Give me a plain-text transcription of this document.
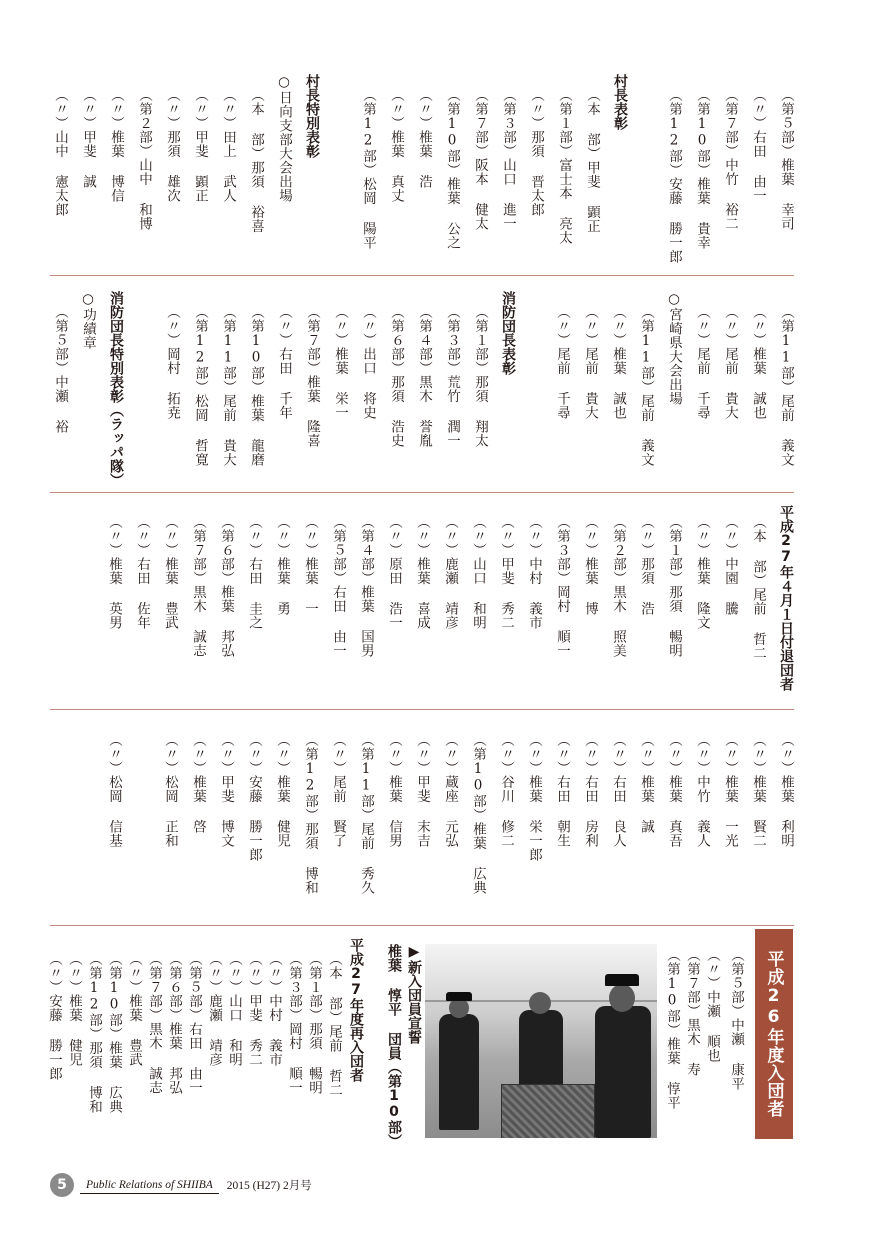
（第５部）椎葉 幸司
（〃）右田 由一
（第７部）中竹 裕二
（第10部）椎葉 貴幸
（第12部）安藤 勝一郎
村長表彰
（本 部）甲斐 顕正
（第１部）富士本 亮太
（〃）那須 晋太郎
（第３部）山口 進一
（第７部）阪本 健太
（第10部）椎葉 公之
（〃）椎葉 浩
（〃）椎葉 真丈
（第12部）松岡 陽平
村長特別表彰
○日向支部大会出場
（本 部）那須 裕喜
（〃）田上 武人
（〃）甲斐 顕正
（〃）那須 雄次
（第２部）山中 和博
（〃）椎葉 博信
（〃）甲斐 誠
（〃）山中 憲太郎
（第11部）尾前 義文
（〃）椎葉 誠也
（〃）尾前 貴大
（〃）尾前 千尋
○宮崎県大会出場
（第11部）尾前 義文
（〃）椎葉 誠也
（〃）尾前 貴大
（〃）尾前 千尋
消防団長表彰
（第１部）那須 翔太
（第３部）荒竹 潤一
（第４部）黒木 誉胤
（第６部）那須 浩史
（〃）出口 将史
（〃）椎葉 栄一
（第７部）椎葉 隆喜
（〃）右田 千年
（第10部）椎葉 龍磨
（第11部）尾前 貴大
（第12部）松岡 哲寛
（〃）岡村 拓尭
消防団長特別表彰（ラッパ隊）
○功績章
（第５部）中瀬 裕
平成27年４月１日付退団者
（本 部）尾前 哲二
（〃）中園 騰
（〃）椎葉 隆文
（第１部）那須 暢明
（〃）那須 浩
（第２部）黒木 照美
（〃）椎葉 博
（第３部）岡村 順一
（〃）中村 義市
（〃）甲斐 秀二
（〃）山口 和明
（〃）鹿瀬 靖彦
（〃）椎葉 喜成
（〃）原田 浩一
（第４部）椎葉 国男
（第５部）右田 由一
（〃）椎葉 一
（〃）椎葉 勇
（〃）右田 圭之
（第６部）椎葉 邦弘
（第７部）黒木 誠志
（〃）椎葉 豊武
（〃）右田 佐年
（〃）椎葉 英男
（〃）椎葉 利明
（〃）椎葉 賢二
（〃）椎葉 一光
（〃）中竹 義人
（〃）椎葉 真吾
（〃）椎葉 誠
（〃）右田 良人
（〃）右田 房利
（〃）右田 朝生
（〃）椎葉 栄一郎
（〃）谷川 修二
（第10部）椎葉 広典
（〃）蔵座 元弘
（〃）甲斐 末吉
（〃）椎葉 信男
（第11部）尾前 秀久
（〃）尾前 賢了
（第12部）那須 博和
（〃）椎葉 健児
（〃）安藤 勝一郎
（〃）甲斐 博文
（〃）椎葉 啓
（〃）松岡 正和
（〃）松岡 信基
平成26年度入団者
（第５部）中瀬 康平
（〃）中瀬 順也
（第７部）黒木 寿
（第10部）椎葉 惇平
▶新入団員宣誓
椎葉 惇平 団員（第10部）
平成27年度再入団者
（本 部）尾前 哲二
（第１部）那須 暢明
（第３部）岡村 順一
（〃）中村 義市
（〃）甲斐 秀二
（〃）山口 和明
（〃）鹿瀬 靖彦
（第５部）右田 由一
（第６部）椎葉 邦弘
（第７部）黒木 誠志
（〃）椎葉 豊武
（第10部）椎葉 広典
（第12部）那須 博和
（〃）椎葉 健児
（〃）安藤 勝一郎
5	Public Relations of SHIIBA	2015 (H27) 2月号
